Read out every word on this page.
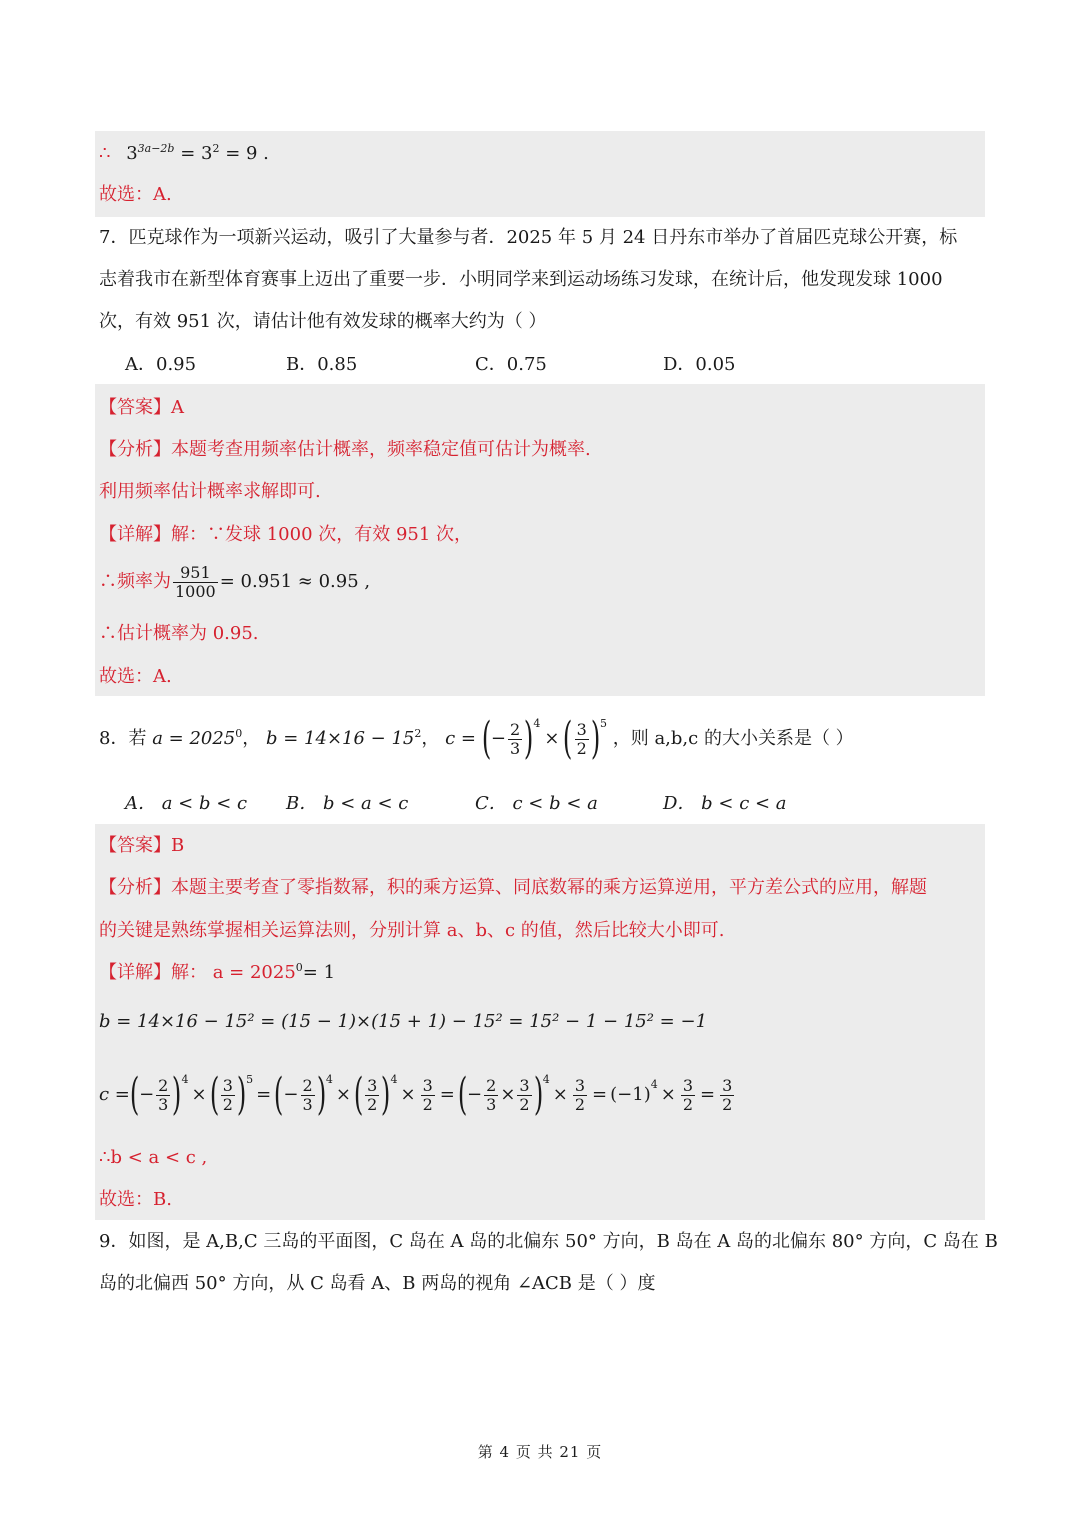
∴ $3^{3a-2b} = 3^2 = 9$ .
故选：A.
7．匹克球作为一项新兴运动，吸引了大量参与者．2025 年 5 月 24 日丹东市举办了首届匹克球公开赛，标
志着我市在新型体育赛事上迈出了重要一步．小明同学来到运动场练习发球，在统计后，他发现发球 1000
次，有效 951 次，请估计他有效发球的概率大约为（ ）
A．0.95	B．0.85	C．0.75	D．0.05
【答案】A
【分析】本题考查用频率估计概率，频率稳定值可估计为概率.
利用频率估计概率求解即可.
【详解】解：∵发球 1000 次，有效 951 次，
∴频率为 $\frac{951}{1000} = 0.951 \approx 0.95$ ,
∴估计概率为 0.95.
故选：A.
8．若 $a = 2025^0$， $b = 14\times 16 - 15^2$， c = ( − $\frac{2}{3}$ ) 4
× ( $\frac{3}{2}$ ) 5
，则 a,b,c 的大小关系是（ ）
A． a < b < c B． b < a < c	C． c < b < a	D． b < c < a
【答案】B
【分析】本题主要考查了零指数幂，积的乘方运算、同底数幂的乘方运算逆用，平方差公式的应用，解题
的关键是熟练掌握相关运算法则，分别计算 a、b、c 的值，然后比较大小即可.
【详解】解： $a = 2025^0= 1$
b = 14×16 − 15² = (15 − 1)×(15 + 1) − 15² = 15² − 1 − 15² = −1
c = ( − $\frac{2}{3}$ ) 4
× ( $\frac{3}{2}$ ) 5
= ( − $\frac{2}{3}$ ) 4
× ( $\frac{3}{2}$ ) 4
× $\frac{3}{2}$ = ( − $\frac{2}{3} \times \frac{3}{2}$ ) 4
× $\frac{3}{2} = (-1) 4 \times \frac{3}{2} = \frac{3}{2}$
∴b < a < c ,
故选：B.
9．如图，是 A,B,C 三岛的平面图，C 岛在 A 岛的北偏东 50° 方向，B 岛在 A 岛的北偏东 80° 方向，C 岛在 B
岛的北偏西 50° 方向，从 C 岛看 A、B 两岛的视角 ∠ACB 是（ ）度
第 4 页 共 21 页
